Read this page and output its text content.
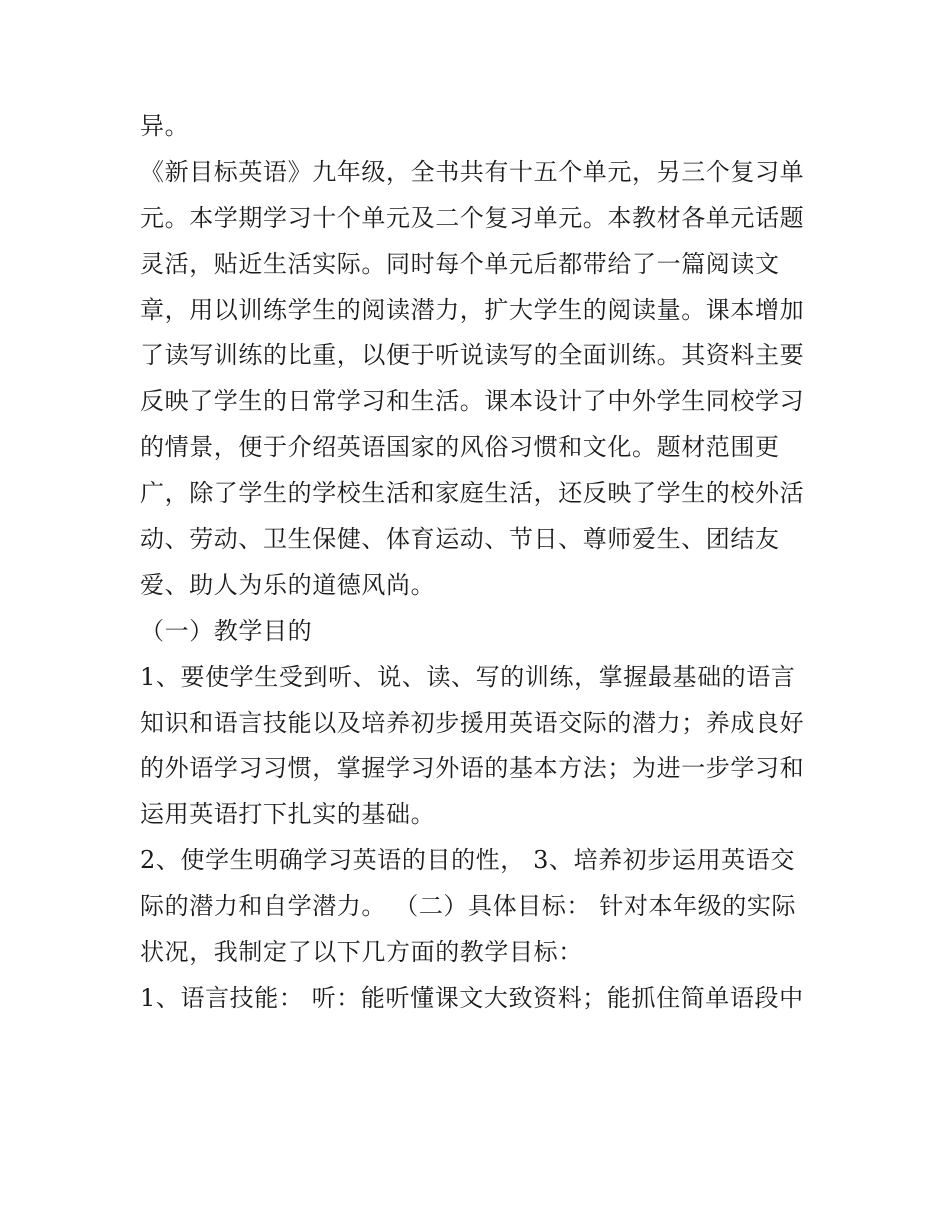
异。
《新目标英语》九年级，全书共有十五个单元，另三个复习单
元。本学期学习十个单元及二个复习单元。本教材各单元话题
灵活，贴近生活实际。同时每个单元后都带给了一篇阅读文
章，用以训练学生的阅读潜力，扩大学生的阅读量。课本增加
了读写训练的比重，以便于听说读写的全面训练。其资料主要
反映了学生的日常学习和生活。课本设计了中外学生同校学习
的情景，便于介绍英语国家的风俗习惯和文化。题材范围更
广，除了学生的学校生活和家庭生活，还反映了学生的校外活
动、劳动、卫生保健、体育运动、节日、尊师爱生、团结友
爱、助人为乐的道德风尚。
（一）教学目的
1、要使学生受到听、说、读、写的训练，掌握最基础的语言
知识和语言技能以及培养初步援用英语交际的潜力；养成良好
的外语学习习惯，掌握学习外语的基本方法；为进一步学习和
运用英语打下扎实的基础。
2、使学生明确学习英语的目的性， 3、培养初步运用英语交
际的潜力和自学潜力。 （二）具体目标： 针对本年级的实际
状况，我制定了以下几方面的教学目标：
1、语言技能： 听：能听懂课文大致资料；能抓住简单语段中
